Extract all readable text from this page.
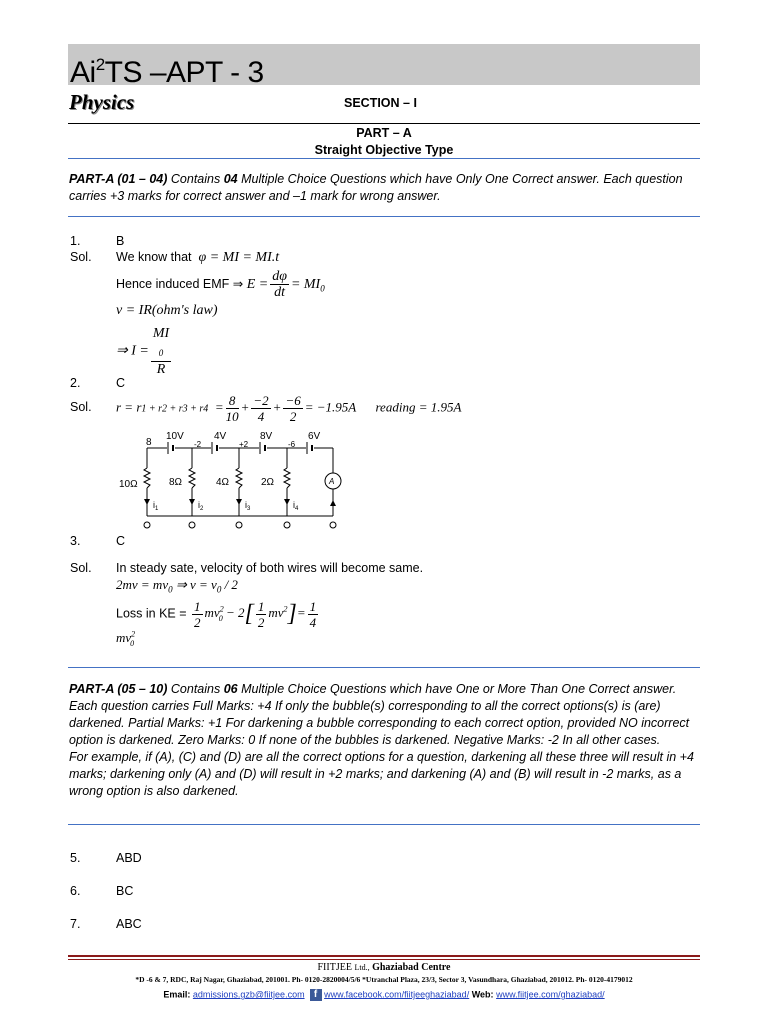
Ai$^2$TS –APT - 3
Physics	SECTION – I
PART – A
Straight Objective Type
PART-A (01 – 04) Contains 04 Multiple Choice Questions which have Only One Correct answer. Each question carries +3 marks for correct answer and –1 mark for wrong answer.
1.	B
Sol. We know that φ = MI = MI.t
Hence induced EMF ⇒ $E = \frac{d\varphi}{dt} = MI_0$
v = IR(ohm's law)
⇒ I = MI
$_0$
R
2.	C
Sol. $r = r1 + r2 + r3 + r4 = \frac{8}{10} + \frac{-2}{4} + \frac{-6}{2} = -1.95A$ reading = 1.95A
8
10V
-2
4V
+2
8V
-6
6V
10Ω	8Ω	4Ω	2Ω	A
$i_1$	$i_2$	$i_3$	$i_4$
3.	C
Sol. In steady sate, velocity of both wires will become same.
$2mv = mv_0$ ⇒ $v = v_0 / 2$
Loss in KE = $\frac{1}{2} mv^2_0 - 2[ \frac{1}{2} mv^2]= \frac{1}{4}$
$mv^2_0$
PART-A (05 – 10) Contains 06 Multiple Choice Questions which have One or More Than One Correct answer. Each question carries Full Marks: +4 If only the bubble(s) corresponding to all the correct options(s) is (are) darkened. Partial Marks: +1 For darkening a bubble corresponding to each correct option, provided NO incorrect option is darkened. Zero Marks: 0 If none of the bubbles is darkened. Negative Marks: -2 In all other cases.
For example, if (A), (C) and (D) are all the correct options for a question, darkening all these three will result in +4 marks; darkening only (A) and (D) will result in +2 marks; and darkening (A) and (B) will result in -2 marks, as a wrong option is also darkened.
5.	ABD
6.	BC
7.	ABC
FIITJEE Ltd., Ghaziabad Centre
*D -6 & 7, RDC, Raj Nagar, Ghaziabad, 201001. Ph- 0120-2820004/5/6 *Utranchal Plaza, 23/3, Sector 3, Vasundhara, Ghaziabad, 201012. Ph- 0120-4179012
Email: admissions.gzb@fiitjee.com f www.facebook.com/fiitjeeghaziabad/ Web: www.fiitjee.com/ghaziabad/
